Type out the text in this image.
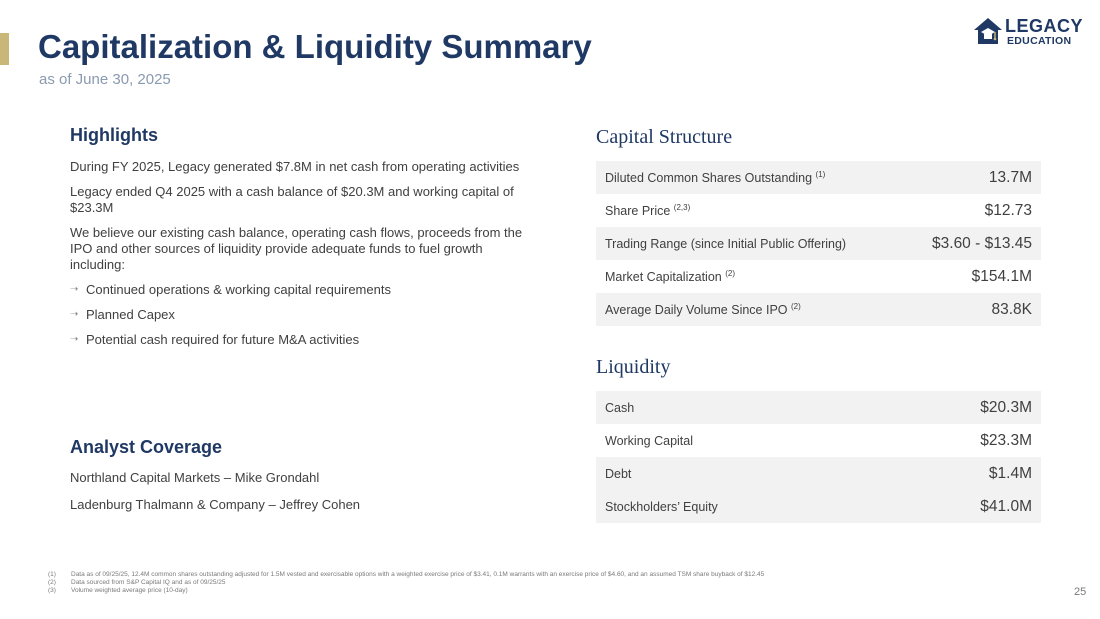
Capitalization & Liquidity Summary
as of June 30, 2025
LEGACY
EDUCATION
Highlights

During FY 2025, Legacy generated $7.8M in net cash from operating activities

Legacy ended Q4 2025 with a cash balance of $20.3M and working capital of $23.3M

We believe our existing cash balance, operating cash flows, proceeds from the IPO and other sources of liquidity provide adequate funds to fuel growth including:

➝ Continued operations & working capital requirements
➝ Planned Capex
➝ Potential cash required for future M&A activities
Analyst Coverage
Northland Capital Markets – Mike Grondahl
Ladenburg Thalmann & Company – Jeffrey Cohen
Capital Structure
Diluted Common Shares Outstanding $^{(1)}$	13.7M
Share Price $^{(2,3)}$	$12.73
Trading Range (since Initial Public Offering)	$3.60 - $13.45
Market Capitalization $^{(2)}$	$154.1M
Average Daily Volume Since IPO $^{(2)}$	83.8K
Liquidity
Cash	$20.3M
Working Capital	$23.3M
Debt	$1.4M
Stockholders’ Equity	$41.0M
(1)	Data as of 09/25/25, 12.4M common shares outstanding adjusted for 1.5M vested and exercisable options with a weighted exercise price of $3.41, 0.1M warrants with an exercise price of $4.60, and an assumed TSM share buyback of $12.45
(2)	Data sourced from S&P Capital IQ and as of 09/25/25
(3)	Volume weighted average price (10-day)	25
